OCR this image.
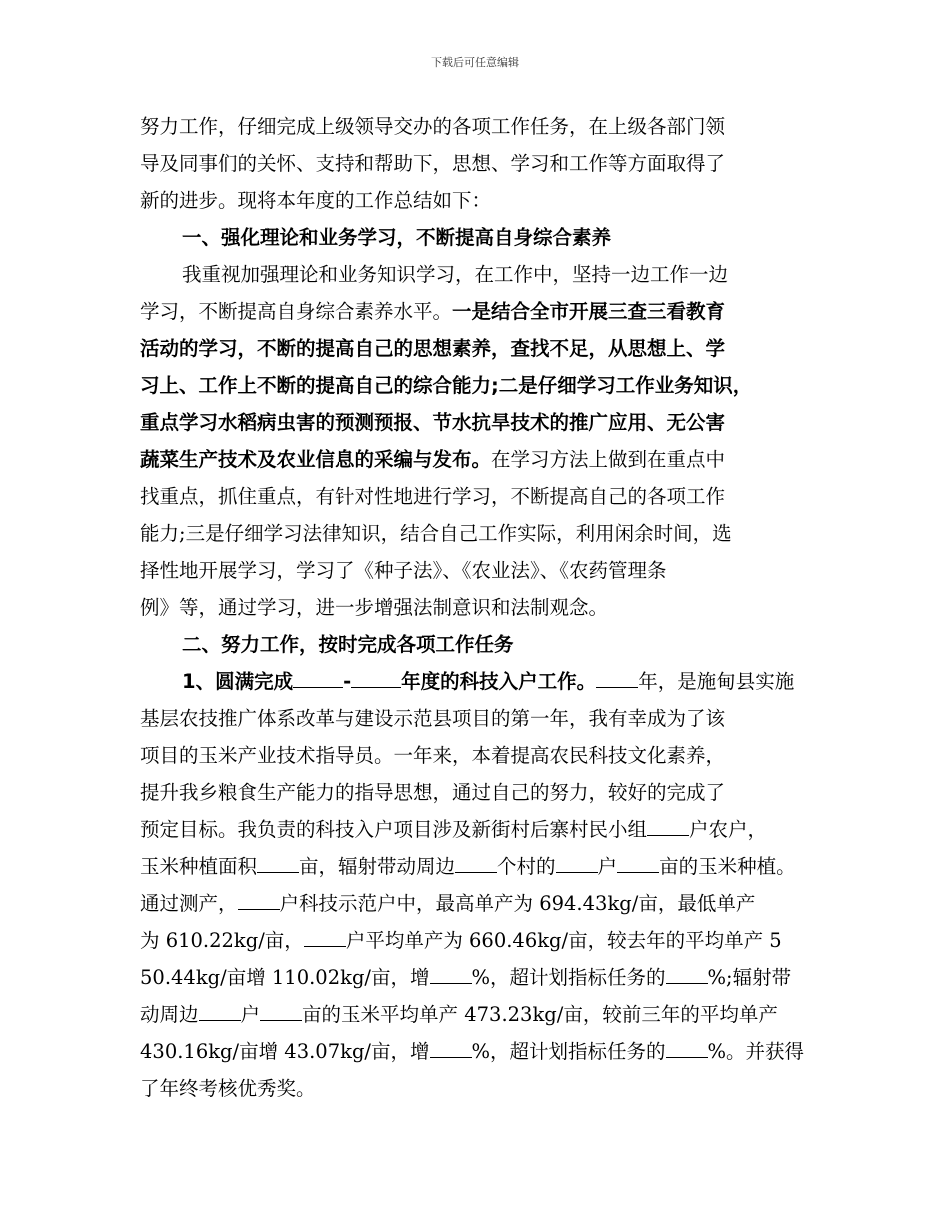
下载后可任意编辑
努力工作，仔细完成上级领导交办的各项工作任务，在上级各部门领
导及同事们的关怀、支持和帮助下，思想、学习和工作等方面取得了
新的进步。现将本年度的工作总结如下：
一、强化理论和业务学习，不断提高自身综合素养
我重视加强理论和业务知识学习，在工作中，坚持一边工作一边
学习，不断提高自身综合素养水平。一是结合全市开展三查三看教育
活动的学习，不断的提高自己的思想素养，查找不足，从思想上、学
习上、工作上不断的提高自己的综合能力;二是仔细学习工作业务知识，
重点学习水稻病虫害的预测预报、节水抗旱技术的推广应用、无公害
蔬菜生产技术及农业信息的采编与发布。在学习方法上做到在重点中
找重点，抓住重点，有针对性地进行学习，不断提高自己的各项工作
能力;三是仔细学习法律知识，结合自己工作实际，利用闲余时间，选
择性地开展学习，学习了《种子法》、《农业法》、《农药管理条
例》等，通过学习，进一步增强法制意识和法制观念。
二、努力工作，按时完成各项工作任务
1、圆满完成	-	年度的科技入户工作。 年，是施甸县实施
基层农技推广体系改革与建设示范县项目的第一年，我有幸成为了该
项目的玉米产业技术指导员。一年来，本着提高农民科技文化素养，
提升我乡粮食生产能力的指导思想，通过自己的努力，较好的完成了
预定目标。我负责的科技入户项目涉及新街村后寨村民小组 户农户，
玉米种植面积 亩，辐射带动周边 个村的 户 亩的玉米种植。
通过测产， 户科技示范户中，最高单产为 694.43kg/亩，最低单产
为 610.22kg/亩， 户平均单产为 660.46kg/亩，较去年的平均单产 5
50.44kg/亩增 110.02kg/亩，增 %，超计划指标任务的 %;辐射带
动周边 户 亩的玉米平均单产 473.23kg/亩，较前三年的平均单产
430.16kg/亩增 43.07kg/亩，增 %，超计划指标任务的 %。并获得
了年终考核优秀奖。
